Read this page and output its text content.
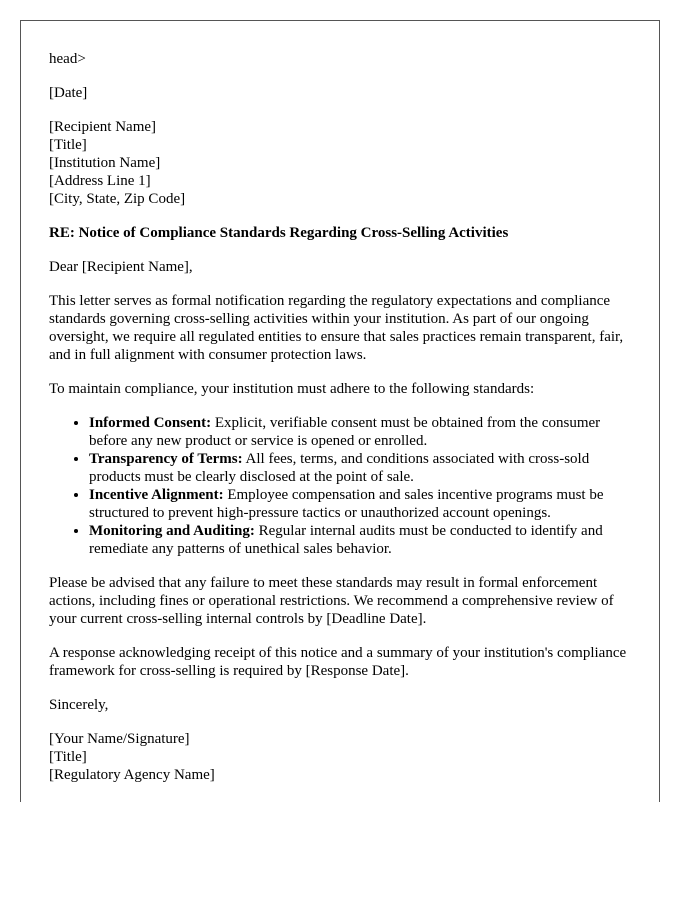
head>

[Date]

[Recipient Name]
[Title]
[Institution Name]
[Address Line 1]
[City, State, Zip Code]

RE: Notice of Compliance Standards Regarding Cross-Selling Activities

Dear [Recipient Name],

This letter serves as formal notification regarding the regulatory expectations and compliance standards governing cross-selling activities within your institution. As part of our ongoing oversight, we require all regulated entities to ensure that sales practices remain transparent, fair, and in full alignment with consumer protection laws.

To maintain compliance, your institution must adhere to the following standards:

• Informed Consent: Explicit, verifiable consent must be obtained from the consumer before any new product or service is opened or enrolled.
• Transparency of Terms: All fees, terms, and conditions associated with cross-sold products must be clearly disclosed at the point of sale.
• Incentive Alignment: Employee compensation and sales incentive programs must be structured to prevent high-pressure tactics or unauthorized account openings.
• Monitoring and Auditing: Regular internal audits must be conducted to identify and remediate any patterns of unethical sales behavior.

Please be advised that any failure to meet these standards may result in formal enforcement actions, including fines or operational restrictions. We recommend a comprehensive review of your current cross-selling internal controls by [Deadline Date].

A response acknowledging receipt of this notice and a summary of your institution's compliance framework for cross-selling is required by [Response Date].

Sincerely,

[Your Name/Signature]
[Title]
[Regulatory Agency Name]
